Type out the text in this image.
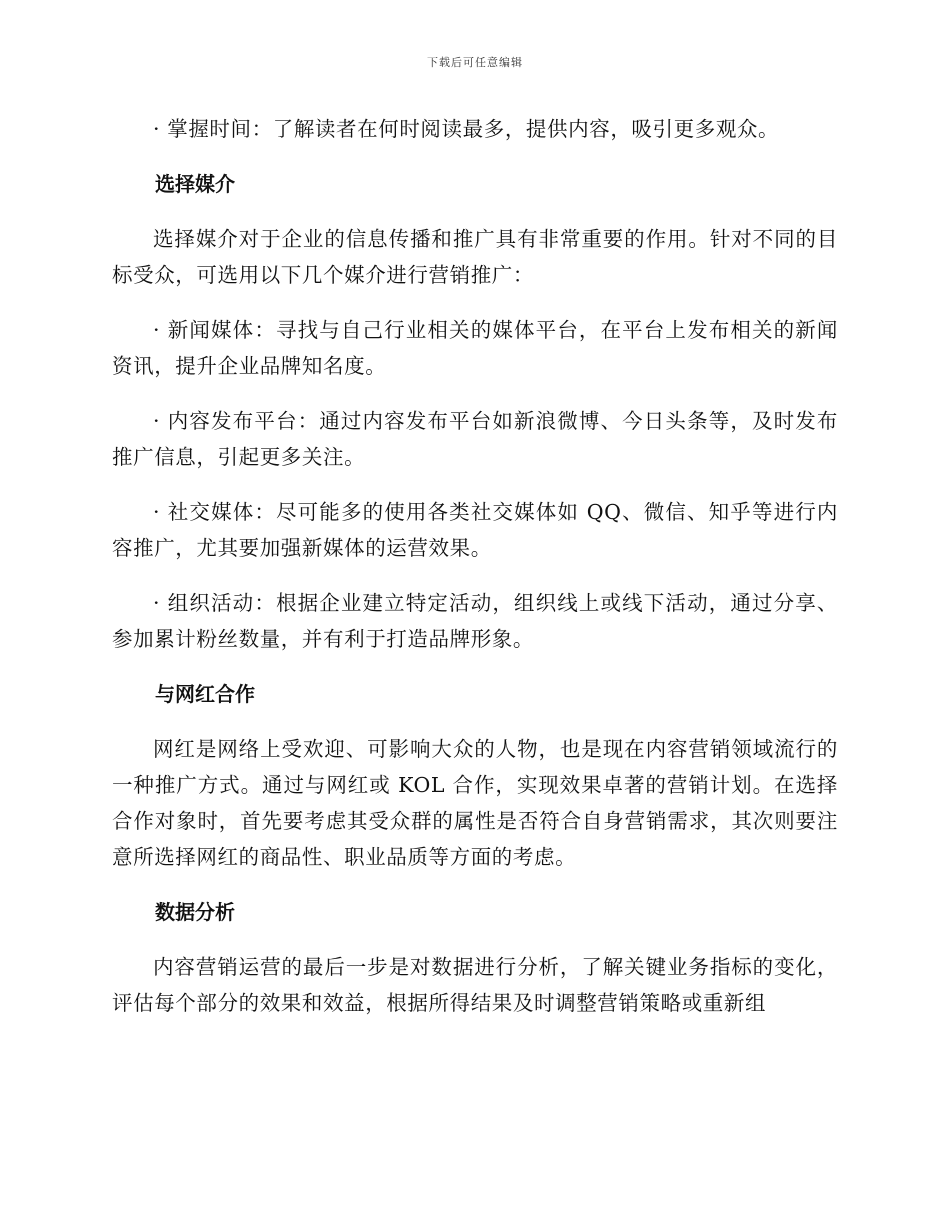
下载后可任意编辑

· 掌握时间：了解读者在何时阅读最多，提供内容，吸引更多观众。

选择媒介

选择媒介对于企业的信息传播和推广具有非常重要的作用。针对不同的目标受众，可选用以下几个媒介进行营销推广：

· 新闻媒体：寻找与自己行业相关的媒体平台，在平台上发布相关的新闻资讯，提升企业品牌知名度。

· 内容发布平台：通过内容发布平台如新浪微博、今日头条等，及时发布推广信息，引起更多关注。

· 社交媒体：尽可能多的使用各类社交媒体如 QQ、微信、知乎等进行内容推广，尤其要加强新媒体的运营效果。

· 组织活动：根据企业建立特定活动，组织线上或线下活动，通过分享、参加累计粉丝数量，并有利于打造品牌形象。

与网红合作

网红是网络上受欢迎、可影响大众的人物，也是现在内容营销领域流行的一种推广方式。通过与网红或 KOL 合作，实现效果卓著的营销计划。在选择合作对象时，首先要考虑其受众群的属性是否符合自身营销需求，其次则要注意所选择网红的商品性、职业品质等方面的考虑。

数据分析

内容营销运营的最后一步是对数据进行分析，了解关键业务指标的变化，评估每个部分的效果和效益，根据所得结果及时调整营销策略或重新组
